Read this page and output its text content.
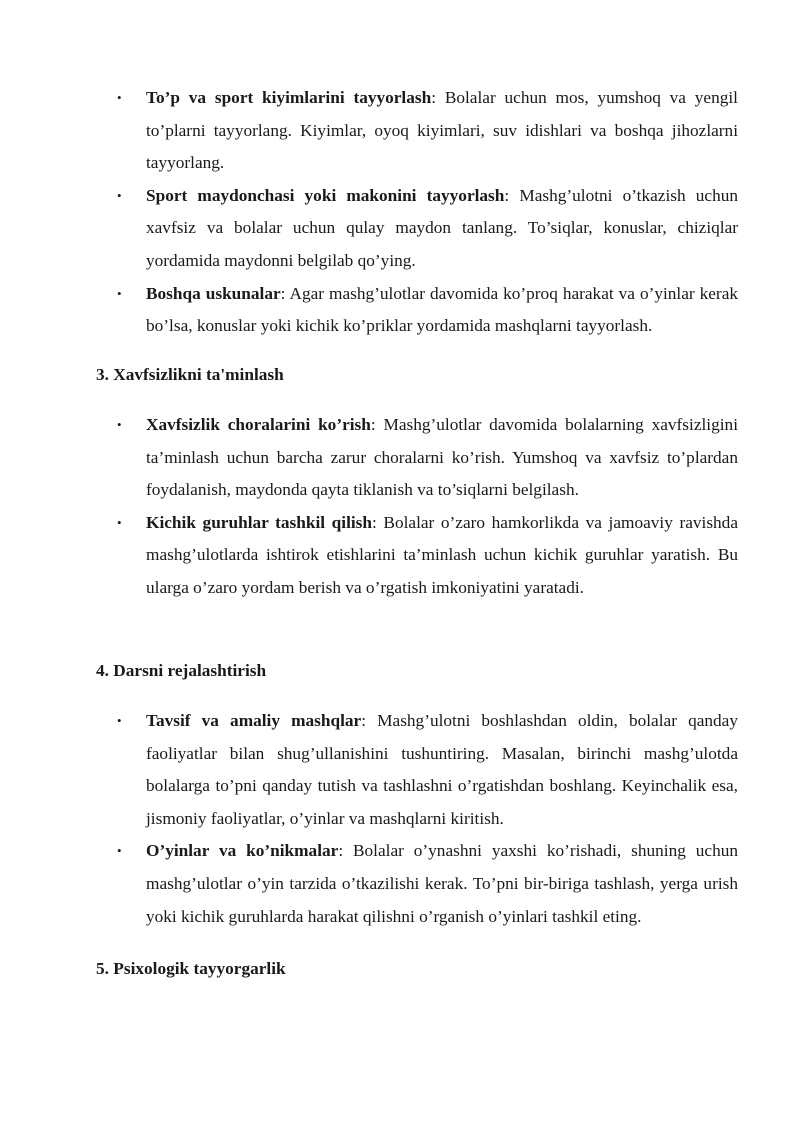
• To’p va sport kiyimlarini tayyorlash: Bolalar uchun mos, yumshoq va yengil to’plarni tayyorlang. Kiyimlar, oyoq kiyimlari, suv idishlari va boshqa jihozlarni tayyorlang.
• Sport maydonchasi yoki makonini tayyorlash: Mashg’ulotni o’tkazish uchun xavfsiz va bolalar uchun qulay maydon tanlang. To’siqlar, konuslar, chiziqlar yordamida maydonni belgilab qo’ying.
• Boshqa uskunalar: Agar mashg’ulotlar davomida ko’proq harakat va o’yinlar kerak bo’lsa, konuslar yoki kichik ko’priklar yordamida mashqlarni tayyorlash.
3. Xavfsizlikni ta'minlash
• Xavfsizlik choralarini ko’rish: Mashg’ulotlar davomida bolalarning xavfsizligini ta’minlash uchun barcha zarur choralarni ko’rish. Yumshoq va xavfsiz to’plardan foydalanish, maydonda qayta tiklanish va to’siqlarni belgilash.
• Kichik guruhlar tashkil qilish: Bolalar o’zaro hamkorlikda va jamoaviy ravishda mashg’ulotlarda ishtirok etishlarini ta’minlash uchun kichik guruhlar yaratish. Bu ularga o’zaro yordam berish va o’rgatish imkoniyatini yaratadi.
4. Darsni rejalashtirish
• Tavsif va amaliy mashqlar: Mashg’ulotni boshlashdan oldin, bolalar qanday faoliyatlar bilan shug’ullanishini tushuntiring. Masalan, birinchi mashg’ulotda bolalarga to’pni qanday tutish va tashlashni o’rgatishdan boshlang. Keyinchalik esa, jismoniy faoliyatlar, o’yinlar va mashqlarni kiritish.
• O’yinlar va ko’nikmalar: Bolalar o’ynashni yaxshi ko’rishadi, shuning uchun mashg’ulotlar o’yin tarzida o’tkazilishi kerak. To’pni bir-biriga tashlash, yerga urish yoki kichik guruhlarda harakat qilishni o’rganish o’yinlari tashkil eting.
5. Psixologik tayyorgarlik
